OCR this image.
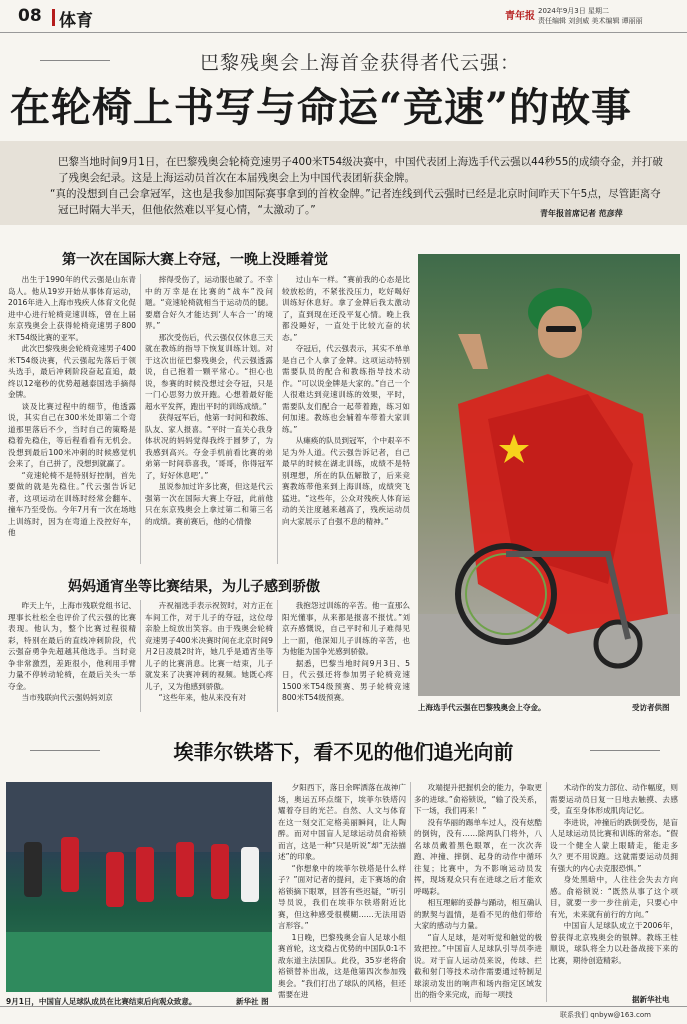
08 体育	青年报 2024年9月3日 星期二
责任编辑 刘剑威 美术编辑 谭丽丽
巴黎残奥会上海首金获得者代云强：
在轮椅上书写与命运“竞速”的故事
巴黎当地时间9月1日，在巴黎残奥会轮椅竞速男子400米T54级决赛中，中国代表团上海选手代云强以44秒55的成绩夺金，并打破了残奥会纪录。这是上海运动员首次在本届残奥会上为中国代表团斩获金牌。
“真的没想到自己会拿冠军，这也是我参加国际赛事拿到的首枚金牌。”记者连线到代云强时已经是北京时间昨天下午5点，尽管距离夺冠已时隔大半天，但他依然难以平复心情，“太激动了。”	青年报首席记者 范彦萍
第一次在国际大赛上夺冠，一晚上没睡着觉

出生于1990年的代云强是山东青岛人。他从19岁开始从事体育运动，2016年进入上海市残疾人体育文化促进中心进行轮椅竞速训练，曾在上届东京残奥会上获得轮椅竞速男子800米T54级比赛的亚军。

此次巴黎残奥会轮椅竞速男子400米T54级决赛，代云强起先落后于领头选手，最后冲刺阶段奋起直追，最终以12毫秒的优势超越泰国选手摘得金牌。

谈及比赛过程中的细节，他透露说，其实自己在300米处即第二个弯道那里落后不少，当时自己的策略是稳着先稳住，等后程看看有无机会。没想到最后100米冲刺的时候感觉机会来了，自己拼了，没想到就赢了。

“竞速轮椅不是特别好控制，首先要做的就是先稳住。”代云强告诉记者，这项运动在训练时经常会翻车、撞车乃至受伤。今年7月有一次在场地上训练时，因为在弯道上没控好车，他

摔得受伤了，运动服也破了。不幸中的万幸是在比赛的“战车”没问题。“竞速轮椅就相当于运动员的腿。要磨合好久才能达到‘人车合一’的境界。”

那次受伤后，代云强仅仅休息三天就在教练的指导下恢复训练计划。对于这次出征巴黎残奥会，代云强透露说，自己抱着一颗平常心。“担心也说，参赛的时候没想过会夺冠，只是一门心思努力放开跑。心想着最好能超水平发挥，跑出平时的训练成绩。”

获得冠军后，他第一时间和教练、队友、家人报喜。“平时一直关心我身体状况的妈妈觉得我终于圆梦了，为我感到高兴。夺金手机前看比赛的弟弟第一时间恭喜我，‘哥哥，你得冠军了，好好休息吧’。”

虽说参加过许多比赛，但这是代云强第一次在国际大赛上夺冠，此前他只在东京残奥会上拿过第二和第三名的成绩。赛前赛后，他的心情像

过山车一样。“赛前我的心态是比较放松的，不紧张没压力，吃好喝好训练好休息好。拿了金牌后我太激动了，直到现在还没平复心情。晚上我都没睡好，一直处于比较亢奋的状态。”

夺冠后，代云强表示，其实不单单是自己个人拿了金牌。这项运动特别需要队员的配合和教练指导技术动作。“可以说金牌是大家的。”自己一个人很难达到竞速训练的效果，平时，需要队友们配合一起带着跑，练习如何加速。教练也会辅着车带着大家训练。”

从瘫痪的队员到冠军，个中艰辛不足为外人道。代云强告诉记者，自己最早的时候在湖北训练，成绩不是特别理想，所在的队伍解散了，后来竞赛教练带他来到上海训练，成绩突飞猛进。“这些年，公众对残疾人体育运动的关注度越来越高了，残疾运动员向大家展示了自强不息的精神。”

妈妈通宵坐等比赛结果，为儿子感到骄傲

昨天上午，上海市残联党组书记、理事长杜松全也评价了代云强的比赛表现。他认为，整个比赛过程很精彩，特别在最后的直线冲刺阶段，代云强奋勇争先超越其他选手。当时竞争非常激烈，差距很小，他利用手臂力量不停转动轮椅，在最后关头一举夺金。

当市残联向代云强妈妈刘京

卉祝福选手表示祝贺时，对方正在车间工作，对于儿子的夺冠，这位母亲脸上绽放出笑容。由于残奥会轮椅竞速男子400米决赛时间在北京时间9月2日凌晨2时许，她几乎是通宵坐等儿子的比赛消息。比赛一结束，儿子就发来了决赛冲刺的视频。她既心疼儿子，又为他感到骄傲。

“这些年来，他从来没有对

我抱怨过训练的辛苦。他一直那么阳光懂事，从来都是报喜不报忧。”刘京卉感慨说，自己平时和儿子难得见上一面，他深知儿子训练的辛苦，也为他能为国争光感到骄傲。

据悉，巴黎当地时间9月3日、5日，代云强还将参加男子轮椅竞速1500米T54级预赛、男子轮椅竞速800米T54级预赛。

上海选手代云强在巴黎残奥会上夺金。	受访者供图
埃菲尔铁塔下，看不见的他们追光向前
9月1日，中国盲人足球队成员在比赛结束后向观众致意。	新华社 图

夕阳西下，落日余晖洒落在战神广场，奥运五环点缀下，埃菲尔铁塔闪耀着夺目的光芒。自然、人文与体育在这一刻交汇定格美丽瞬间，让人陶醉。而对中国盲人足球运动员俞裕锁而言，这是一种“只是听说”却“无法描述”的印象。

“你想象中的埃菲尔铁塔是什么样子？”面对记者的提问，走下赛场的俞裕锁摘下眼罩，回答有些迟疑，“听引导员说，我们在埃菲尔铁塔附近比赛，但这种感受很模糊……无法用语言形容。”

1日晚，巴黎残奥会盲人足球小组赛首轮，这支稳占优势的中国队0:1不敌东道主法国队。此役，35岁老将俞裕锁替补出战，这是他第四次参加残奥会。“我们打出了球队的风格，但还需要在进

攻端提升把握机会的能力，争取更多的进球。”俞裕锁说，“输了没关系，下一场，我们再来！”

没有华丽的踢单车过人，没有炫酷的倒钩，没有……除两队门将外，八名球员戴着黑色眼罩，在一次次奔跑、冲撞、摔倒、起身的动作中循环往复；比赛中，为不影响运动员发挥，现场观众只有在进球之后才能欢呼喝彩。

相互理解的妥静与踊动，相互确认的默契与温情，是看不见的他们带给大家的感动与力量。

“盲人足球，是对听觉和触觉的极致把控。”中国盲人足球队引导员李进说。对于盲人运动员来说，传球、拦截和射门等技术动作需要通过特制足球滚动发出的响声和场内指定区域发出的指令来完成，而每一项技

术动作的发力部位、动作幅度，则需要运动员日复一日地去触摸、去感受，直至身体形成肌肉记忆。

李进说，冲撞后的跌倒受伤，是盲人足球运动员比赛和训练的常态。“假设一个健全人蒙上眼睛走，能走多久？更不用说跑。这就需要运动员拥有强大的内心去克服恐惧。”

身处黑暗中，人往往会失去方向感。俞裕锁说：“既然从事了这个项目，就要一步一步往前走，只要心中有光，未来就有前行的方向。”

中国盲人足球队成立于2006年，曾获得北京残奥会的银牌。教练王桂顺说，球队将全力以赴备战接下来的比赛，期待创造精彩。

据新华社电
联系我们 qnbyw@163.com
